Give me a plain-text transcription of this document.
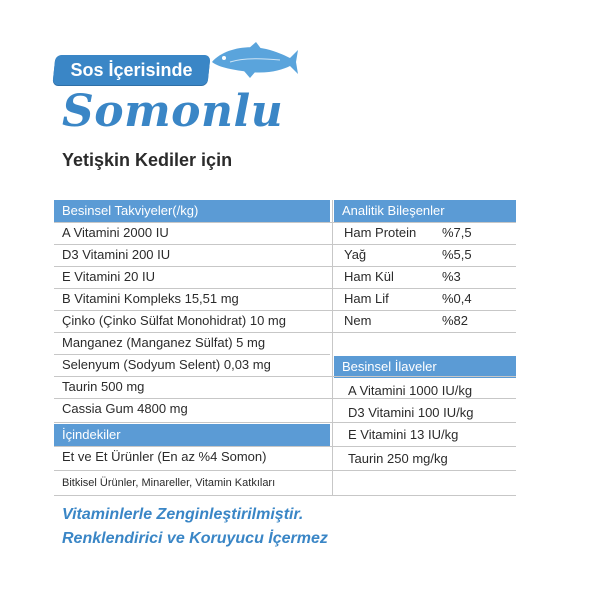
Sos İçerisinde
Somonlu
Yetişkin Kediler için
Besinsel Takviyeler(/kg)	Analitik Bileşenler
A Vitamini 2000 IU
D3 Vitamini 200 IU
E Vitamini 20 IU
B Vitamini Kompleks 15,51 mg
Çinko (Çinko Sülfat Monohidrat) 10 mg
Manganez (Manganez Sülfat) 5 mg
Selenyum (Sodyum Selent) 0,03 mg
Taurin 500 mg
Cassia Gum 4800 mg
İçindekiler
Et ve Et Ürünler (En az %4 Somon)
Bitkisel Ürünler, Minareller, Vitamin Katkıları
Ham Protein	%7,5
Yağ	%5,5
Ham Kül	%3
Ham Lif	%0,4
Nem	%82
Besinsel İlaveler
A Vitamini 1000 IU/kg
D3 Vitamini 100 IU/kg
E Vitamini 13 IU/kg
Taurin 250 mg/kg
Vitaminlerle Zenginleştirilmiştir.
Renklendirici ve Koruyucu İçermez
